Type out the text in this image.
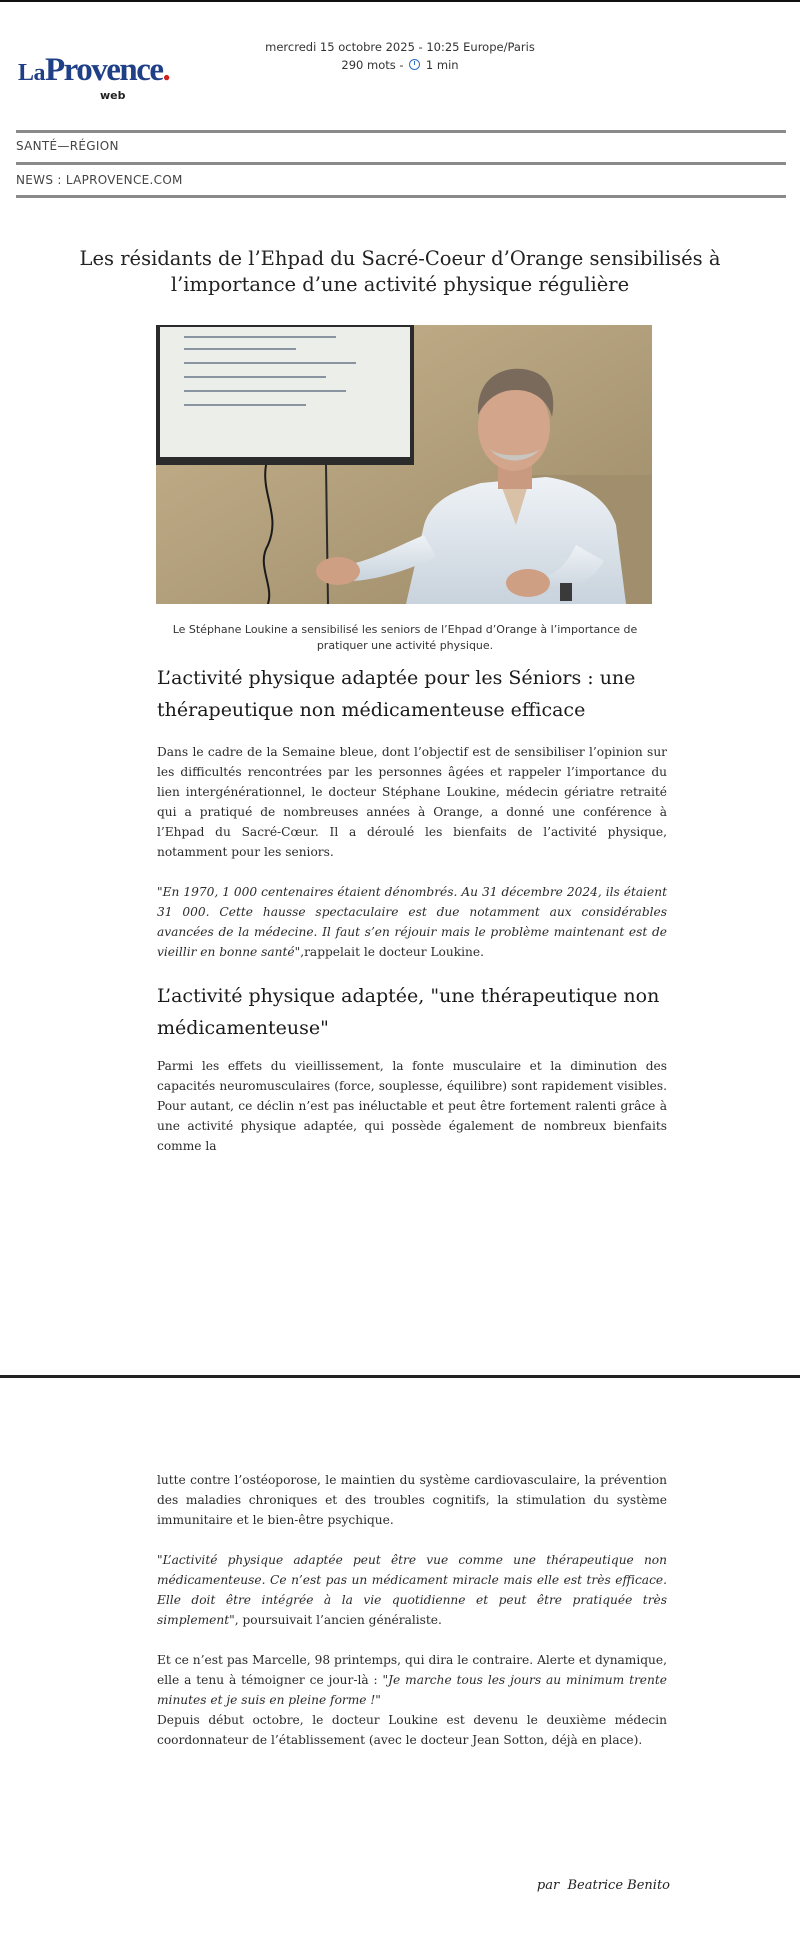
LaProvence.
web
mercredi 15 octobre 2025 - 10:25 Europe/Paris
290 mots - 1 min
SANTÉ—RÉGION
NEWS : LAPROVENCE.COM
Les résidants de l’Ehpad du Sacré-Coeur d’Orange sensibilisés à l’importance d’une activité physique régulière
Le Stéphane Loukine a sensibilisé les seniors de l’Ehpad d’Orange à l’importance de pratiquer une activité physique.
L’activité physique adaptée pour les Séniors : une thérapeutique non médicamenteuse efficace

Dans le cadre de la Semaine bleue, dont l’objectif est de sensibiliser l’opinion sur les difficultés rencontrées par les personnes âgées et rappeler l’importance du lien intergénérationnel, le docteur Stéphane Loukine, médecin gériatre retraité qui a pratiqué de nombreuses années à Orange, a donné une conférence à l’Ehpad du Sacré-Cœur. Il a déroulé les bienfaits de l’activité physique, notamment pour les seniors.

"En 1970, 1 000 centenaires étaient dénombrés. Au 31 décembre 2024, ils étaient 31 000. Cette hausse spectaculaire est due notamment aux considérables avancées de la médecine. Il faut s’en réjouir mais le problème maintenant est de vieillir en bonne santé",rappelait le docteur Loukine.

L’activité physique adaptée, "une thérapeutique non médicamenteuse"

Parmi les effets du vieillissement, la fonte musculaire et la diminution des capacités neuromusculaires (force, souplesse, équilibre) sont rapidement visibles. Pour autant, ce déclin n’est pas inéluctable et peut être fortement ralenti grâce à une activité physique adaptée, qui possède également de nombreux bienfaits comme la

lutte contre l’ostéoporose, le maintien du système cardiovasculaire, la prévention des maladies chroniques et des troubles cognitifs, la stimulation du système immunitaire et le bien-être psychique.

"L’activité physique adaptée peut être vue comme une thérapeutique non médicamenteuse. Ce n’est pas un médicament miracle mais elle est très efficace. Elle doit être intégrée à la vie quotidienne et peut être pratiquée très simplement", poursuivait l’ancien généraliste.

Et ce n’est pas Marcelle, 98 printemps, qui dira le contraire. Alerte et dynamique, elle a tenu à témoigner ce jour-là : "Je marche tous les jours au minimum trente minutes et je suis en pleine forme !"
Depuis début octobre, le docteur Loukine est devenu le deuxième médecin coordonnateur de l’établissement (avec le docteur Jean Sotton, déjà en place).

par Beatrice Benito
